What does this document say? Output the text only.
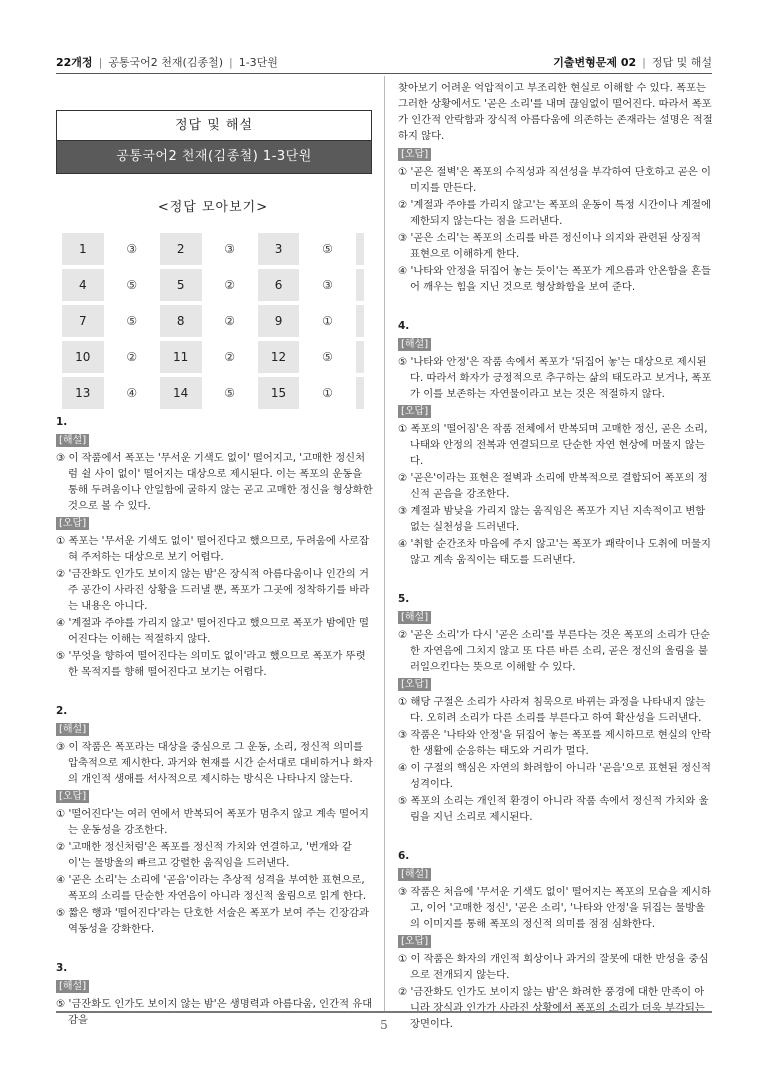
22개정 | 공통국어2 천재(김종철) | 1-3단원	기출변형문제 02 | 정답 및 해설
정답 및 해설
공통국어2 천재(김종철) 1-3단원
<정답 모아보기>
1	③	2	③	3	⑤	
4	⑤	5	②	6	③	
7	⑤	8	②	9	①	
10	②	11	②	12	⑤	
13	④	14	⑤	15	①	
1.
[해설]
③ 이 작품에서 폭포는 '무서운 기색도 없이' 떨어지고, '고매한 정신처럼 쉴 사이 없이' 떨어지는 대상으로 제시된다. 이는 폭포의 운동을 통해 두려움이나 안일함에 굴하지 않는 곧고 고매한 정신을 형상화한 것으로 볼 수 있다.
[오답]
① 폭포는 '무서운 기색도 없이' 떨어진다고 했으므로, 두려움에 사로잡혀 주저하는 대상으로 보기 어렵다.
② '금잔화도 인가도 보이지 않는 밤'은 장식적 아름다움이나 인간의 거주 공간이 사라진 상황을 드러낼 뿐, 폭포가 그곳에 정착하기를 바라는 내용은 아니다.
④ '계절과 주야를 가리지 않고' 떨어진다고 했으므로 폭포가 밤에만 떨어진다는 이해는 적절하지 않다.
⑤ '무엇을 향하여 떨어진다는 의미도 없이'라고 했으므로 폭포가 뚜렷한 목적지를 향해 떨어진다고 보기는 어렵다.
2.
[해설]
③ 이 작품은 폭포라는 대상을 중심으로 그 운동, 소리, 정신적 의미를 압축적으로 제시한다. 과거와 현재를 시간 순서대로 대비하거나 화자의 개인적 생애를 서사적으로 제시하는 방식은 나타나지 않는다.
[오답]
① '떨어진다'는 여러 연에서 반복되어 폭포가 멈추지 않고 계속 떨어지는 운동성을 강조한다.
② '고매한 정신처럼'은 폭포를 정신적 가치와 연결하고, '번개와 같이'는 물방울의 빠르고 강렬한 움직임을 드러낸다.
④ '곧은 소리'는 소리에 '곧음'이라는 추상적 성격을 부여한 표현으로, 폭포의 소리를 단순한 자연음이 아니라 정신적 울림으로 읽게 한다.
⑤ 짧은 행과 '떨어진다'라는 단호한 서술은 폭포가 보여 주는 긴장감과 역동성을 강화한다.
3.
[해설]
⑤ '금잔화도 인가도 보이지 않는 밤'은 생명력과 아름다움, 인간적 유대감을
찾아보기 어려운 억압적이고 부조리한 현실로 이해할 수 있다. 폭포는 그러한 상황에서도 '곧은 소리'를 내며 끊임없이 떨어진다. 따라서 폭포가 인간적 안락함과 장식적 아름다움에 의존하는 존재라는 설명은 적절하지 않다.
[오답]
① '곧은 절벽'은 폭포의 수직성과 직선성을 부각하여 단호하고 곧은 이미지를 만든다.
② '계절과 주야를 가리지 않고'는 폭포의 운동이 특정 시간이나 계절에 제한되지 않는다는 점을 드러낸다.
③ '곧은 소리'는 폭포의 소리를 바른 정신이나 의지와 관련된 상징적 표현으로 이해하게 한다.
④ '나타와 안정을 뒤집어 놓는 듯이'는 폭포가 게으름과 안온함을 흔들어 깨우는 힘을 지닌 것으로 형상화함을 보여 준다.
4.
[해설]
⑤ '나타와 안정'은 작품 속에서 폭포가 '뒤집어 놓'는 대상으로 제시된다. 따라서 화자가 긍정적으로 추구하는 삶의 태도라고 보거나, 폭포가 이를 보존하는 자연물이라고 보는 것은 적절하지 않다.
[오답]
① 폭포의 '떨어짐'은 작품 전체에서 반복되며 고매한 정신, 곧은 소리, 나태와 안정의 전복과 연결되므로 단순한 자연 현상에 머물지 않는다.
② '곧은'이라는 표현은 절벽과 소리에 반복적으로 결합되어 폭포의 정신적 곧음을 강조한다.
③ 계절과 밤낮을 가리지 않는 움직임은 폭포가 지닌 지속적이고 변함없는 실천성을 드러낸다.
④ '취할 순간조차 마음에 주지 않고'는 폭포가 쾌락이나 도취에 머물지 않고 계속 움직이는 태도를 드러낸다.
5.
[해설]
② '곧은 소리'가 다시 '곧은 소리'를 부른다는 것은 폭포의 소리가 단순한 자연음에 그치지 않고 또 다른 바른 소리, 곧은 정신의 울림을 불러일으킨다는 뜻으로 이해할 수 있다.
[오답]
① 해당 구절은 소리가 사라져 침묵으로 바뀌는 과정을 나타내지 않는다. 오히려 소리가 다른 소리를 부른다고 하여 확산성을 드러낸다.
③ 작품은 '나타와 안정'을 뒤집어 놓는 폭포를 제시하므로 현실의 안락한 생활에 순응하는 태도와 거리가 멀다.
④ 이 구절의 핵심은 자연의 화려함이 아니라 '곧음'으로 표현된 정신적 성격이다.
⑤ 폭포의 소리는 개인적 환경이 아니라 작품 속에서 정신적 가치와 울림을 지닌 소리로 제시된다.
6.
[해설]
③ 작품은 처음에 '무서운 기색도 없이' 떨어지는 폭포의 모습을 제시하고, 이어 '고매한 정신', '곧은 소리', '나타와 안정'을 뒤집는 물방울의 이미지를 통해 폭포의 정신적 의미를 점점 심화한다.
[오답]
① 이 작품은 화자의 개인적 회상이나 과거의 잘못에 대한 반성을 중심으로 전개되지 않는다.
② '금잔화도 인가도 보이지 않는 밤'은 화려한 풍경에 대한 만족이 아니라 장식과 인가가 사라진 상황에서 폭포의 소리가 더욱 부각되는 장면이다.
5
